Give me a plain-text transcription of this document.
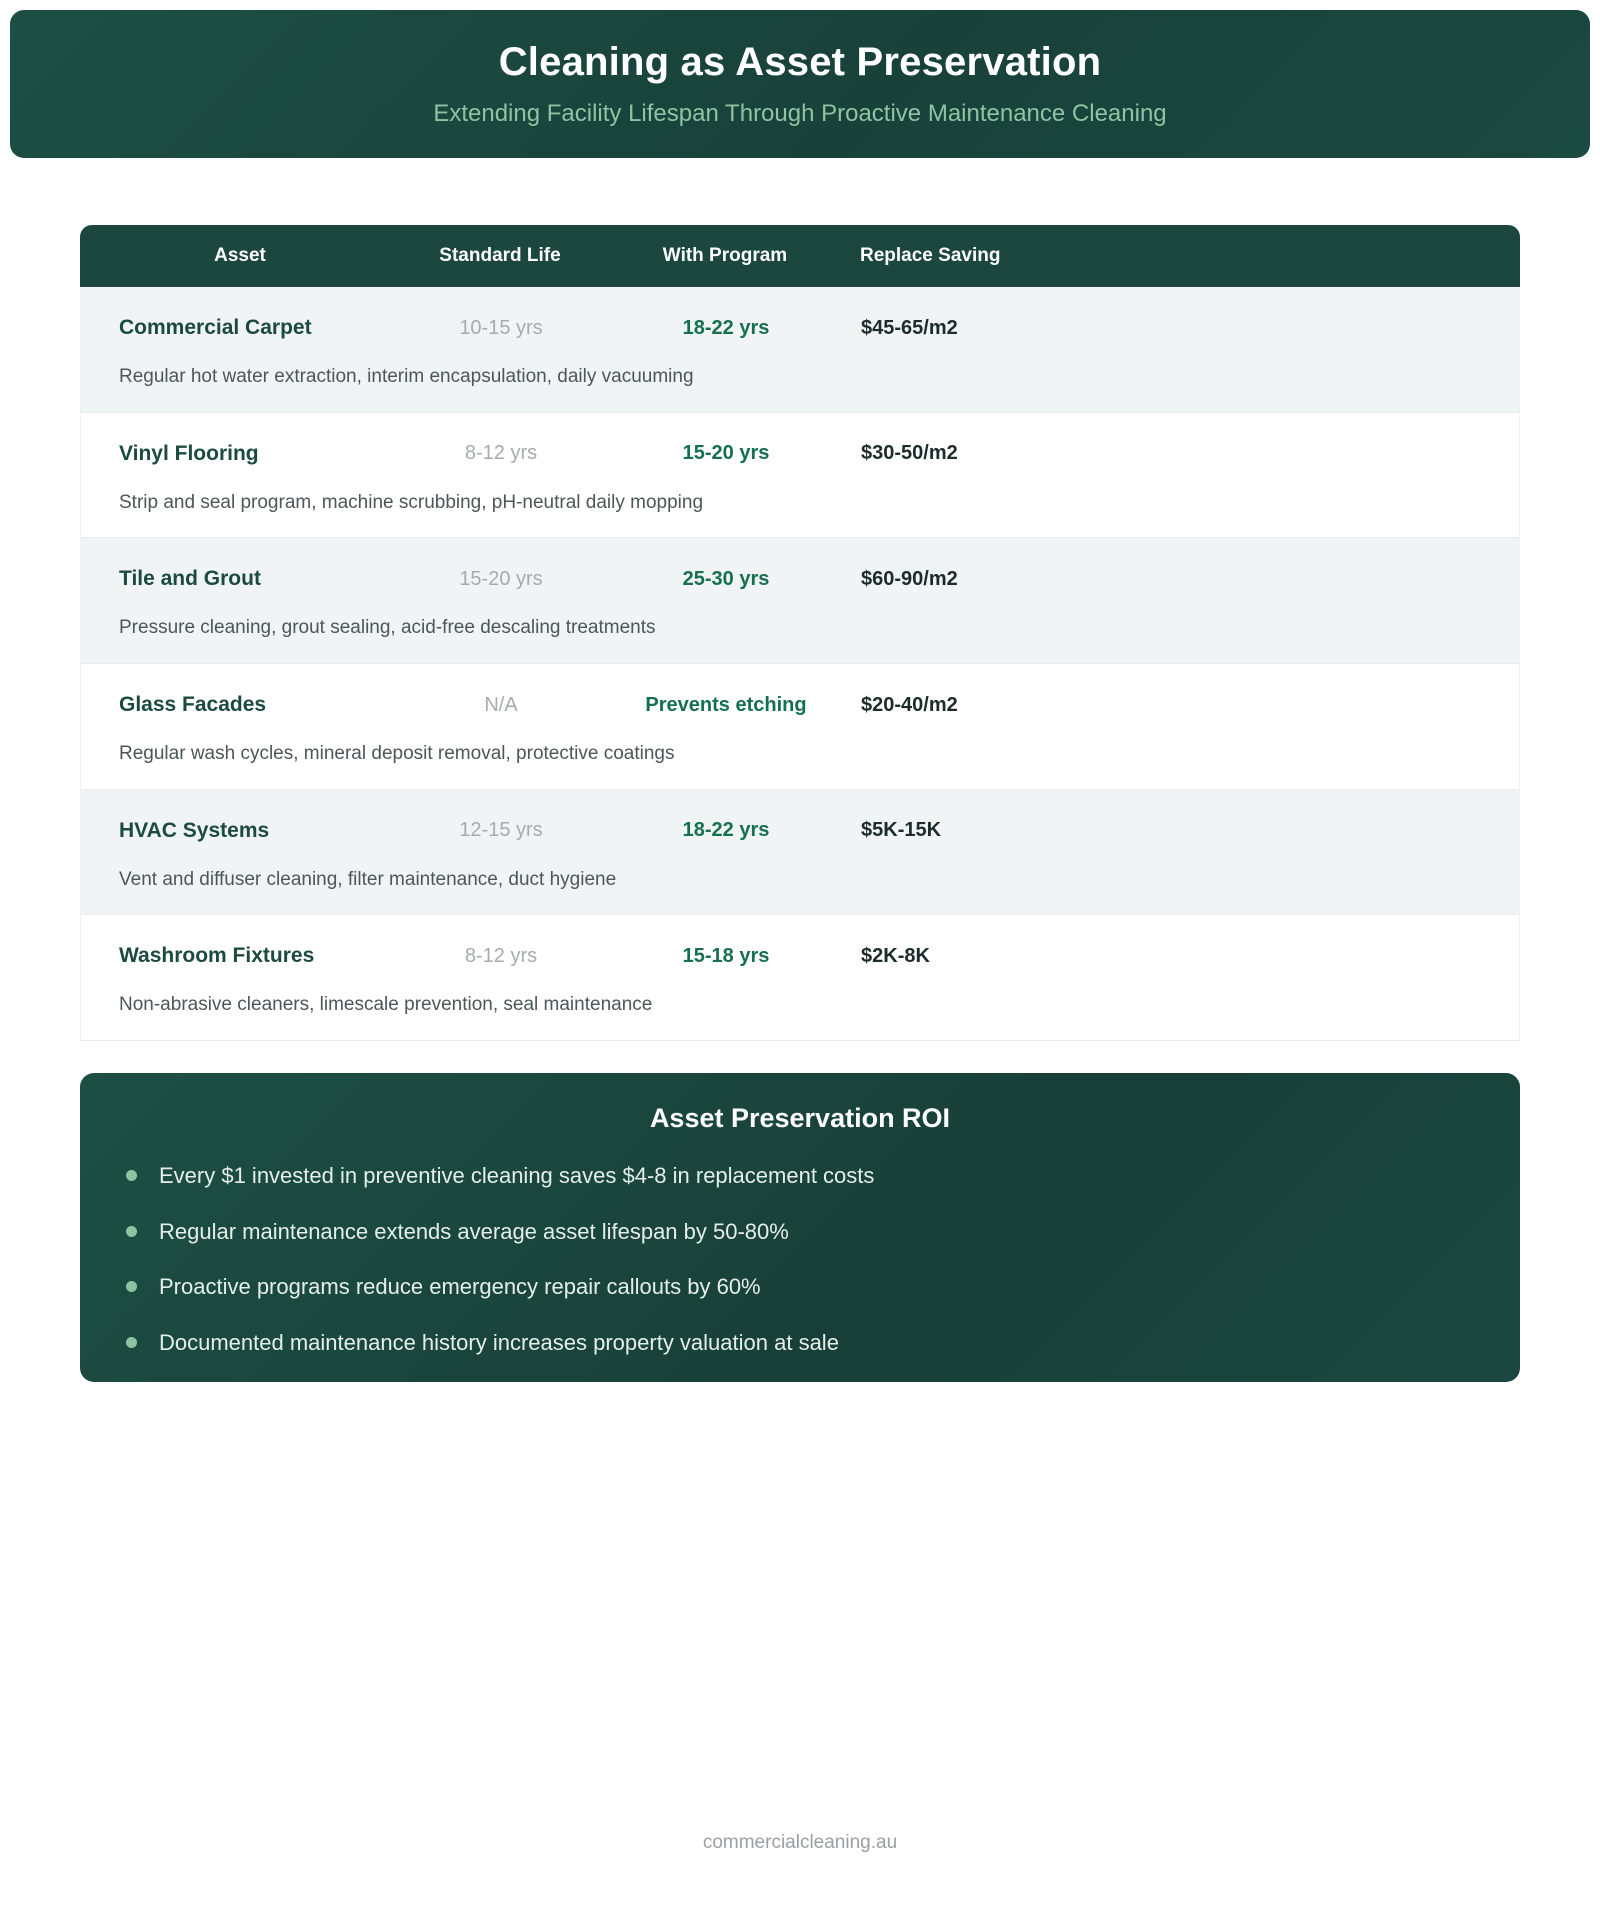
Cleaning as Asset Preservation
Extending Facility Lifespan Through Proactive Maintenance Cleaning
Asset	Standard Life	With Program	Replace Saving
Commercial Carpet	10-15 yrs	18-22 yrs	$45-65/m2
Regular hot water extraction, interim encapsulation, daily vacuuming
Vinyl Flooring	8-12 yrs	15-20 yrs	$30-50/m2
Strip and seal program, machine scrubbing, pH-neutral daily mopping
Tile and Grout	15-20 yrs	25-30 yrs	$60-90/m2
Pressure cleaning, grout sealing, acid-free descaling treatments
Glass Facades	N/A	Prevents etching	$20-40/m2
Regular wash cycles, mineral deposit removal, protective coatings
HVAC Systems	12-15 yrs	18-22 yrs	$5K-15K
Vent and diffuser cleaning, filter maintenance, duct hygiene
Washroom Fixtures	8-12 yrs	15-18 yrs	$2K-8K
Non-abrasive cleaners, limescale prevention, seal maintenance
Asset Preservation ROI
Every $1 invested in preventive cleaning saves $4-8 in replacement costs
Regular maintenance extends average asset lifespan by 50-80%
Proactive programs reduce emergency repair callouts by 60%
Documented maintenance history increases property valuation at sale
commercialcleaning.au
